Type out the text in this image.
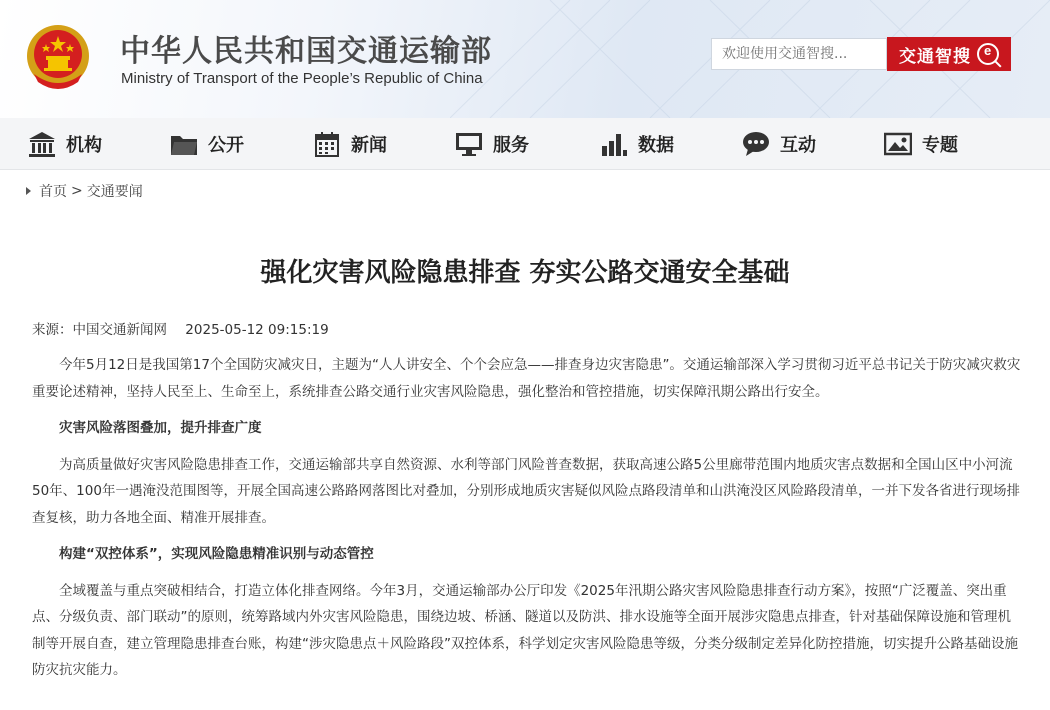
中华人民共和国交通运输部
Ministry of Transport of the People’s Republic of China
欢迎使用交通智搜...
交通智搜
e
机构	公开	新闻	服务	数据	互动	专题
首页 > 交通要闻
强化灾害风险隐患排查 夯实公路交通安全基础
来源：中国交通新闻网 2025-05-12 09:15:19

今年5月12日是我国第17个全国防灾减灾日，主题为“人人讲安全、个个会应急——排查身边灾害隐患”。交通运输部深入学习贯彻习近平总书记关于防灾减灾救灾重要论述精神，坚持人民至上、生命至上，系统排查公路交通行业灾害风险隐患，强化整治和管控措施，切实保障汛期公路出行安全。

灾害风险落图叠加，提升排查广度

为高质量做好灾害风险隐患排查工作，交通运输部共享自然资源、水利等部门风险普查数据，获取高速公路5公里廊带范围内地质灾害点数据和全国山区中小河流50年、100年一遇淹没范围图等，开展全国高速公路路网落图比对叠加，分别形成地质灾害疑似风险点路段清单和山洪淹没区风险路段清单，一并下发各省进行现场排查复核，助力各地全面、精准开展排查。

构建“双控体系”，实现风险隐患精准识别与动态管控

全域覆盖与重点突破相结合，打造立体化排查网络。今年3月，交通运输部办公厅印发《2025年汛期公路灾害风险隐患排查行动方案》，按照“广泛覆盖、突出重点、分级负责、部门联动”的原则，统筹路域内外灾害风险隐患，围绕边坡、桥涵、隧道以及防洪、排水设施等全面开展涉灾隐患点排查，针对基础保障设施和管理机制等开展自查，建立管理隐患排查台账，构建“涉灾隐患点＋风险路段”双控体系，科学划定灾害风险隐患等级，分类分级制定差异化防控措施，切实提升公路基础设施防灾抗灾能力。
